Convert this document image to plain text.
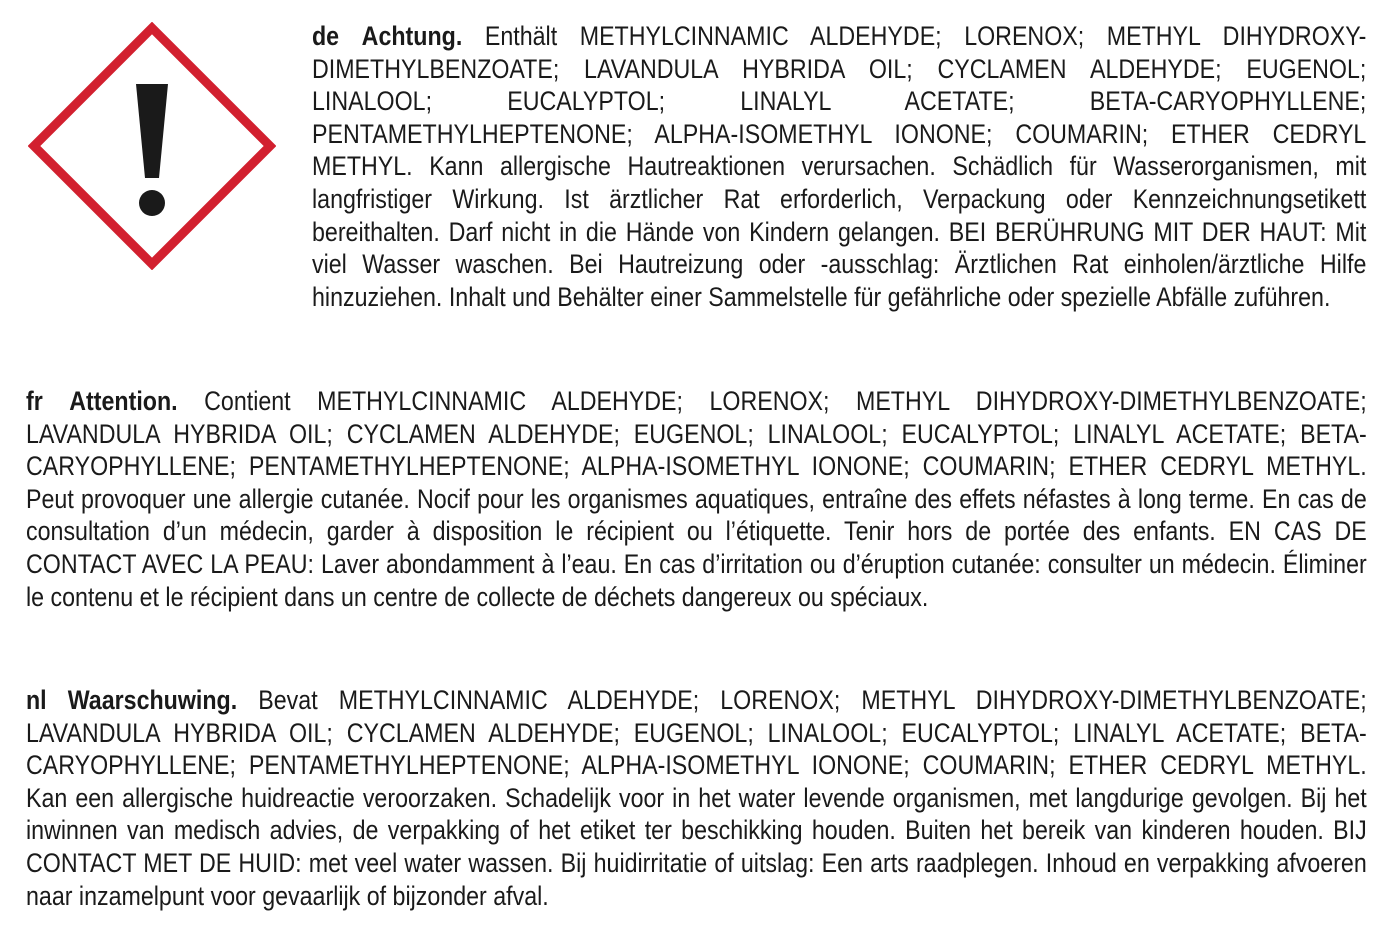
de Achtung. Enthält METHYLCINNAMIC ALDEHYDE; LORENOX; METHYL DIHYDROXY-DIMETHYLBENZOATE; LAVANDULA HYBRIDA OIL; CYCLAMEN ALDEHYDE; EUGENOL; LINALOOL; EUCALYPTOL; LINALYL ACETATE; BETA-CARYOPHYLLENE; PENTAMETHYLHEPTENONE; ALPHA-ISOMETHYL IONONE; COUMARIN; ETHER CEDRYL METHYL. Kann allergische Hautreaktionen verursachen. Schädlich für Wasserorganismen, mit langfristiger Wirkung. Ist ärztlicher Rat erforderlich, Verpackung oder Kennzeichnungsetikett bereithalten. Darf nicht in die Hände von Kindern gelangen. BEI BERÜHRUNG MIT DER HAUT: Mit viel Wasser waschen. Bei Hautreizung oder -ausschlag: Ärztlichen Rat einholen/ärztliche Hilfe hinzuziehen. Inhalt und Behälter einer Sammelstelle für gefährliche oder spezielle Abfälle zuführen.

fr Attention. Contient METHYLCINNAMIC ALDEHYDE; LORENOX; METHYL DIHYDROXY-DIMETHYLBENZOATE; LAVANDULA HYBRIDA OIL; CYCLAMEN ALDEHYDE; EUGENOL; LINALOOL; EUCALYPTOL; LINALYL ACETATE; BETA-CARYOPHYLLENE; PENTAMETHYLHEPTENONE; ALPHA-ISOMETHYL IONONE; COUMARIN; ETHER CEDRYL METHYL. Peut provoquer une allergie cutanée. Nocif pour les organismes aquatiques, entraîne des effets néfastes à long terme. En cas de consultation d’un médecin, garder à disposition le récipient ou l’étiquette. Tenir hors de portée des enfants. EN CAS DE CONTACT AVEC LA PEAU: Laver abondamment à l’eau. En cas d’irritation ou d’éruption cutanée: consulter un médecin. Éliminer le contenu et le récipient dans un centre de collecte de déchets dangereux ou spéciaux.

nl Waarschuwing. Bevat METHYLCINNAMIC ALDEHYDE; LORENOX; METHYL DIHYDROXY-DIMETHYLBENZOATE; LAVANDULA HYBRIDA OIL; CYCLAMEN ALDEHYDE; EUGENOL; LINALOOL; EUCALYPTOL; LINALYL ACETATE; BETA-CARYOPHYLLENE; PENTAMETHYLHEPTENONE; ALPHA-ISOMETHYL IONONE; COUMARIN; ETHER CEDRYL METHYL. Kan een allergische huidreactie veroorzaken. Schadelijk voor in het water levende organismen, met langdurige gevolgen. Bij het inwinnen van medisch advies, de verpakking of het etiket ter beschikking houden. Buiten het bereik van kinderen houden. BIJ CONTACT MET DE HUID: met veel water wassen. Bij huidirritatie of uitslag: Een arts raadplegen. Inhoud en verpakking afvoeren naar inzamelpunt voor gevaarlijk of bijzonder afval.
